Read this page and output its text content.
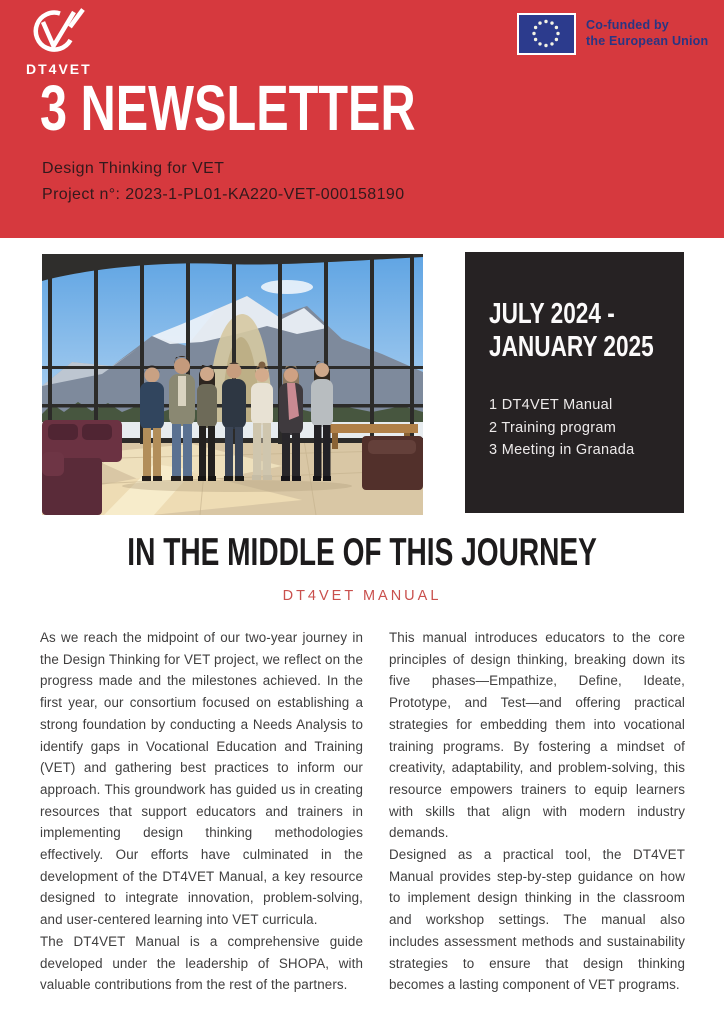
DT4VET
Co-funded by
the European Union
3 NEWSLETTER
Design Thinking for VET
Project n°: 2023-1-PL01-KA220-VET-000158190
JULY 2024 -
JANUARY 2025
1 DT4VET Manual
2 Training program
3 Meeting in Granada
IN THE MIDDLE OF THIS JOURNEY
DT4VET MANUAL

As we reach the midpoint of our two-year journey in the Design Thinking for VET project, we reflect on the progress made and the milestones achieved. In the first year, our consortium focused on establishing a strong foundation by conducting a Needs Analysis to identify gaps in Vocational Education and Training (VET) and gathering best practices to inform our approach. This groundwork has guided us in creating resources that support educators and trainers in implementing design thinking methodologies effectively. Our efforts have culminated in the development of the DT4VET Manual, a key resource designed to integrate innovation, problem-solving, and user-centered learning into VET curricula.

The DT4VET Manual is a comprehensive guide developed under the leadership of SHOPA, with valuable contributions from the rest of the partners.

This manual introduces educators to the core principles of design thinking, breaking down its five phases—Empathize, Define, Ideate, Prototype, and Test—and offering practical strategies for embedding them into vocational training programs. By fostering a mindset of creativity, adaptability, and problem-solving, this resource empowers trainers to equip learners with skills that align with modern industry demands.

Designed as a practical tool, the DT4VET Manual provides step-by-step guidance on how to implement design thinking in the classroom and workshop settings. The manual also includes assessment methods and sustainability strategies to ensure that design thinking becomes a lasting component of VET programs.
